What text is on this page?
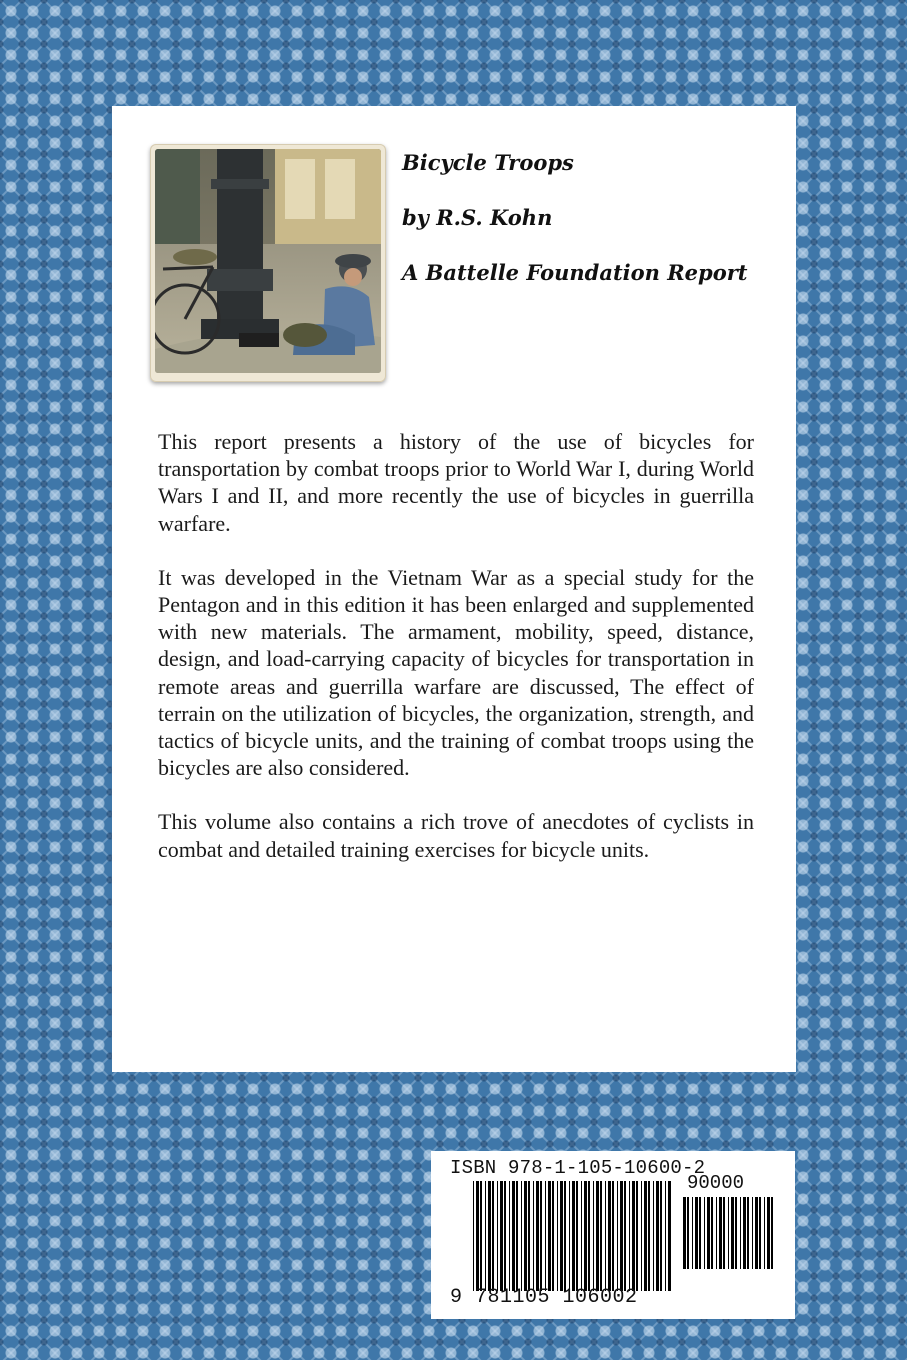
Bicycle Troops
by R.S. Kohn
A Battelle Foundation Report

This report presents a history of the use of bicycles for transportation by combat troops prior to World War I, during World Wars I and II, and more recently the use of bicycles in guerrilla warfare.

It was developed in the Vietnam War as a special study for the Pentagon and in this edition it has been enlarged and supplemented with new materials. The armament, mobility, speed, distance, design, and load-carrying capacity of bicycles for transportation in remote areas and guerrilla warfare are discussed, The effect of terrain on the utilization of bicycles, the organization, strength, and tactics of bicycle units, and the training of combat troops using the bicycles are also considered.

This volume also contains a rich trove of anecdotes of cyclists in combat and detailed training exercises for bicycle units.

ISBN 978-1-105-10600-2
90000
9 781105 106002
